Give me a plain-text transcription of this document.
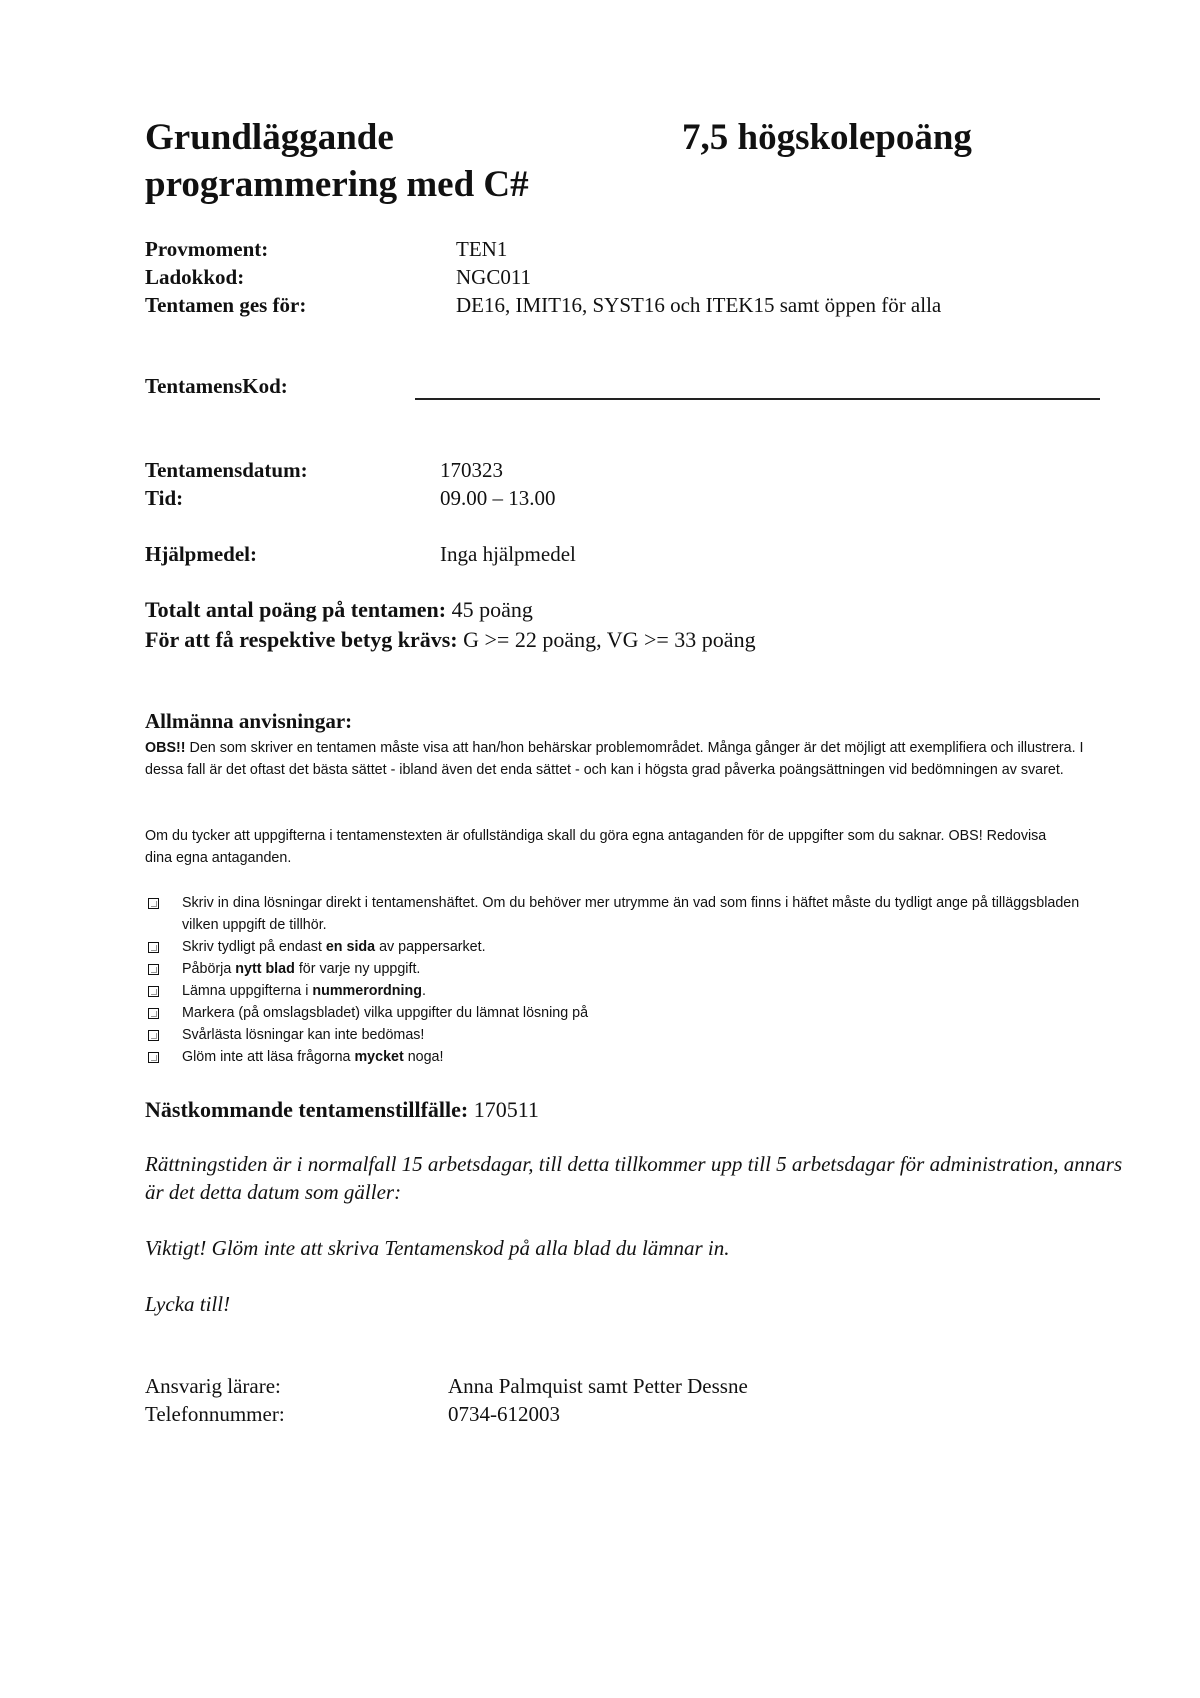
Grundläggande
programmering med C#
7,5 högskolepoäng
Provmoment:	TEN1
Ladokkod:	NGC011
Tentamen ges för:	DE16, IMIT16, SYST16 och ITEK15 samt öppen för alla
TentamensKod:
Tentamensdatum:	170323
Tid:	09.00 – 13.00
Hjälpmedel:	Inga hjälpmedel
Totalt antal poäng på tentamen: 45 poäng
För att få respektive betyg krävs: G >= 22 poäng, VG >= 33 poäng
Allmänna anvisningar:
OBS!! Den som skriver en tentamen måste visa att han/hon behärskar problemområdet. Många gånger är det möjligt att exemplifiera och illustrera. I dessa fall är det oftast det bästa sättet - ibland även det enda sättet - och kan i högsta grad påverka poängsättningen vid bedömningen av svaret.
Om du tycker att uppgifterna i tentamenstexten är ofullständiga skall du göra egna antaganden för de uppgifter som du saknar. OBS! Redovisa dina egna antaganden.
Skriv in dina lösningar direkt i tentamenshäftet. Om du behöver mer utrymme än vad som finns i häftet måste du tydligt ange på tilläggsbladen vilken uppgift de tillhör.
Skriv tydligt på endast en sida av pappersarket.
Påbörja nytt blad för varje ny uppgift.
Lämna uppgifterna i nummerordning.
Markera (på omslagsbladet) vilka uppgifter du lämnat lösning på
Svårlästa lösningar kan inte bedömas!
Glöm inte att läsa frågorna mycket noga!
Nästkommande tentamenstillfälle: 170511
Rättningstiden är i normalfall 15 arbetsdagar, till detta tillkommer upp till 5 arbetsdagar för administration, annars
är det detta datum som gäller:
Viktigt! Glöm inte att skriva Tentamenskod på alla blad du lämnar in.
Lycka till!
Ansvarig lärare:	Anna Palmquist samt Petter Dessne
Telefonnummer:	0734-612003
